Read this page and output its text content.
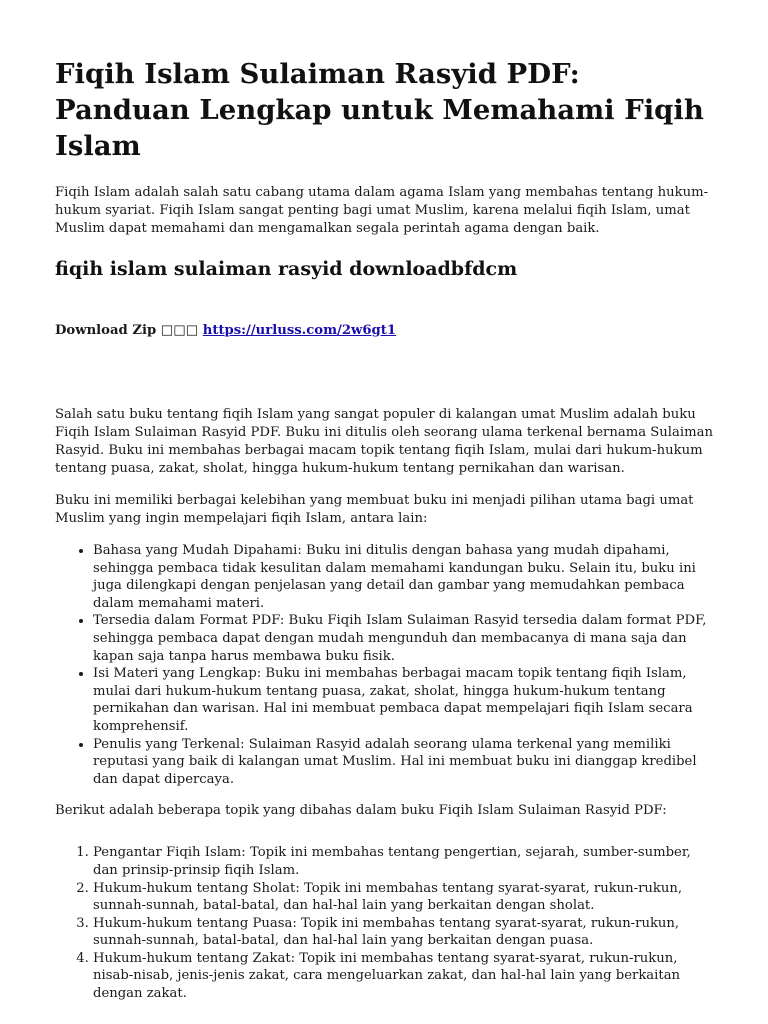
Fiqih Islam Sulaiman Rasyid PDF: Panduan Lengkap untuk Memahami Fiqih Islam

Fiqih Islam adalah salah satu cabang utama dalam agama Islam yang membahas tentang hukum-hukum syariat. Fiqih Islam sangat penting bagi umat Muslim, karena melalui fiqih Islam, umat Muslim dapat memahami dan mengamalkan segala perintah agama dengan baik.

fiqih islam sulaiman rasyid downloadbfdcm

Download Zip □□□ https://urluss.com/2w6gt1

Salah satu buku tentang fiqih Islam yang sangat populer di kalangan umat Muslim adalah buku Fiqih Islam Sulaiman Rasyid PDF. Buku ini ditulis oleh seorang ulama terkenal bernama Sulaiman Rasyid. Buku ini membahas berbagai macam topik tentang fiqih Islam, mulai dari hukum-hukum tentang puasa, zakat, sholat, hingga hukum-hukum tentang pernikahan dan warisan.

Buku ini memiliki berbagai kelebihan yang membuat buku ini menjadi pilihan utama bagi umat Muslim yang ingin mempelajari fiqih Islam, antara lain:

• Bahasa yang Mudah Dipahami: Buku ini ditulis dengan bahasa yang mudah dipahami, sehingga pembaca tidak kesulitan dalam memahami kandungan buku. Selain itu, buku ini juga dilengkapi dengan penjelasan yang detail dan gambar yang memudahkan pembaca dalam memahami materi.
• Tersedia dalam Format PDF: Buku Fiqih Islam Sulaiman Rasyid tersedia dalam format PDF, sehingga pembaca dapat dengan mudah mengunduh dan membacanya di mana saja dan kapan saja tanpa harus membawa buku fisik.
• Isi Materi yang Lengkap: Buku ini membahas berbagai macam topik tentang fiqih Islam, mulai dari hukum-hukum tentang puasa, zakat, sholat, hingga hukum-hukum tentang pernikahan dan warisan. Hal ini membuat pembaca dapat mempelajari fiqih Islam secara komprehensif.
• Penulis yang Terkenal: Sulaiman Rasyid adalah seorang ulama terkenal yang memiliki reputasi yang baik di kalangan umat Muslim. Hal ini membuat buku ini dianggap kredibel dan dapat dipercaya.

Berikut adalah beberapa topik yang dibahas dalam buku Fiqih Islam Sulaiman Rasyid PDF:

1. Pengantar Fiqih Islam: Topik ini membahas tentang pengertian, sejarah, sumber-sumber, dan prinsip-prinsip fiqih Islam.
2. Hukum-hukum tentang Sholat: Topik ini membahas tentang syarat-syarat, rukun-rukun, sunnah-sunnah, batal-batal, dan hal-hal lain yang berkaitan dengan sholat.
3. Hukum-hukum tentang Puasa: Topik ini membahas tentang syarat-syarat, rukun-rukun, sunnah-sunnah, batal-batal, dan hal-hal lain yang berkaitan dengan puasa.
4. Hukum-hukum tentang Zakat: Topik ini membahas tentang syarat-syarat, rukun-rukun, nisab-nisab, jenis-jenis zakat, cara mengeluarkan zakat, dan hal-hal lain yang berkaitan dengan zakat.
